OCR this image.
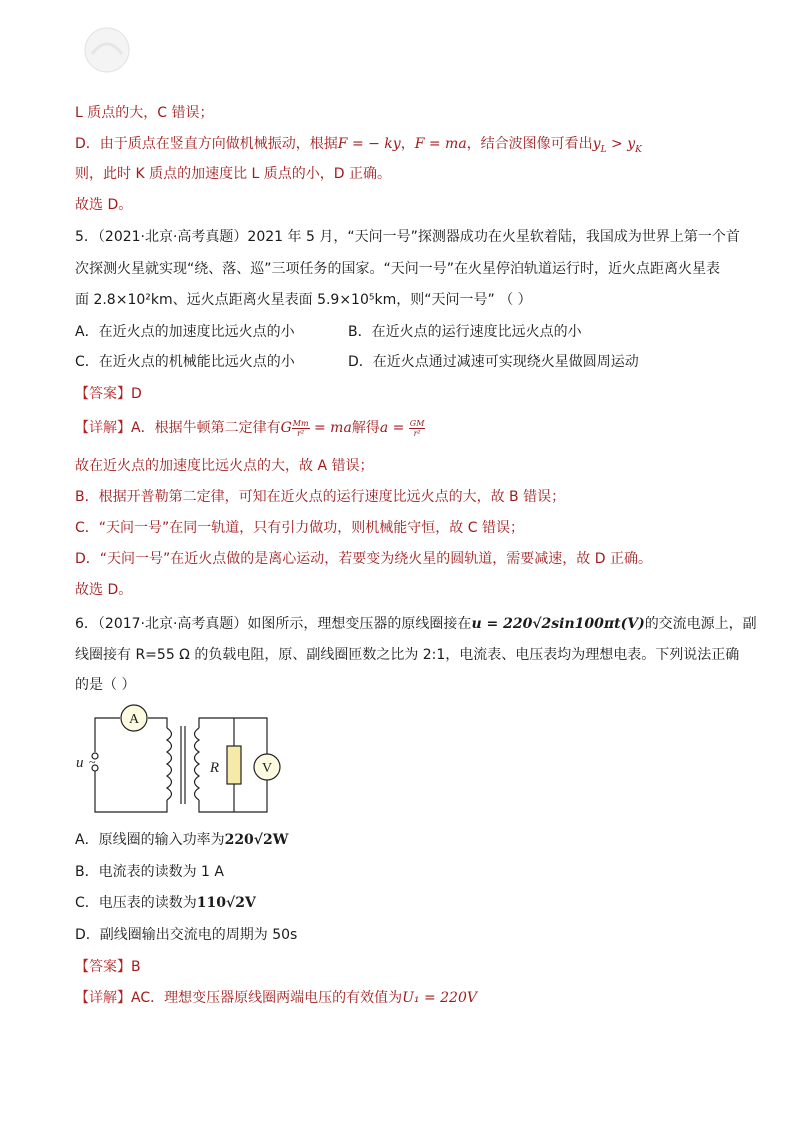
L 质点的大，C 错误；
D．由于质点在竖直方向做机械振动，根据F = − ky，F = ma，结合波图像可看出$y_L > y_K$
则，此时 K 质点的加速度比 L 质点的小，D 正确。
故选 D。
5．（2021·北京·高考真题）2021 年 5 月，“天问一号”探测器成功在火星软着陆，我国成为世界上第一个首
次探测火星就实现“绕、落、巡”三项任务的国家。“天问一号”在火星停泊轨道运行时，近火点距离火星表
面 2.8×10²km、远火点距离火星表面 5.9×10⁵km，则“天问一号” （ ）
A．在近火点的加速度比远火点的小	B．在近火点的运行速度比远火点的小
C．在近火点的机械能比远火点的小	D．在近火点通过减速可实现绕火星做圆周运动
【答案】D
【详解】A．根据牛顿第二定律有G $\frac{Mm}{\text{r²}}$ = ma解得$a = \frac{GM}{\text{r²}}$
故在近火点的加速度比远火点的大，故 A 错误；
B．根据开普勒第二定律，可知在近火点的运行速度比远火点的大，故 B 错误；
C．“天问一号”在同一轨道，只有引力做功，则机械能守恒，故 C 错误；
D．“天问一号”在近火点做的是离心运动，若要变为绕火星的圆轨道，需要减速，故 D 正确。
故选 D。
6．（2017·北京·高考真题）如图所示，理想变压器的原线圈接在u = 220√2sin100πt(V)的交流电源上，副
线圈接有 R=55 Ω 的负载电阻，原、副线圈匝数之比为 2:1，电流表、电压表均为理想电表。下列说法正确
的是（ ）
A
V
R
u ~
A．原线圈的输入功率为220√2W
B．电流表的读数为 1 A
C．电压表的读数为110√2V
D．副线圈输出交流电的周期为 50s
【答案】B
【详解】AC．理想变压器原线圈两端电压的有效值为U₁ = 220V
